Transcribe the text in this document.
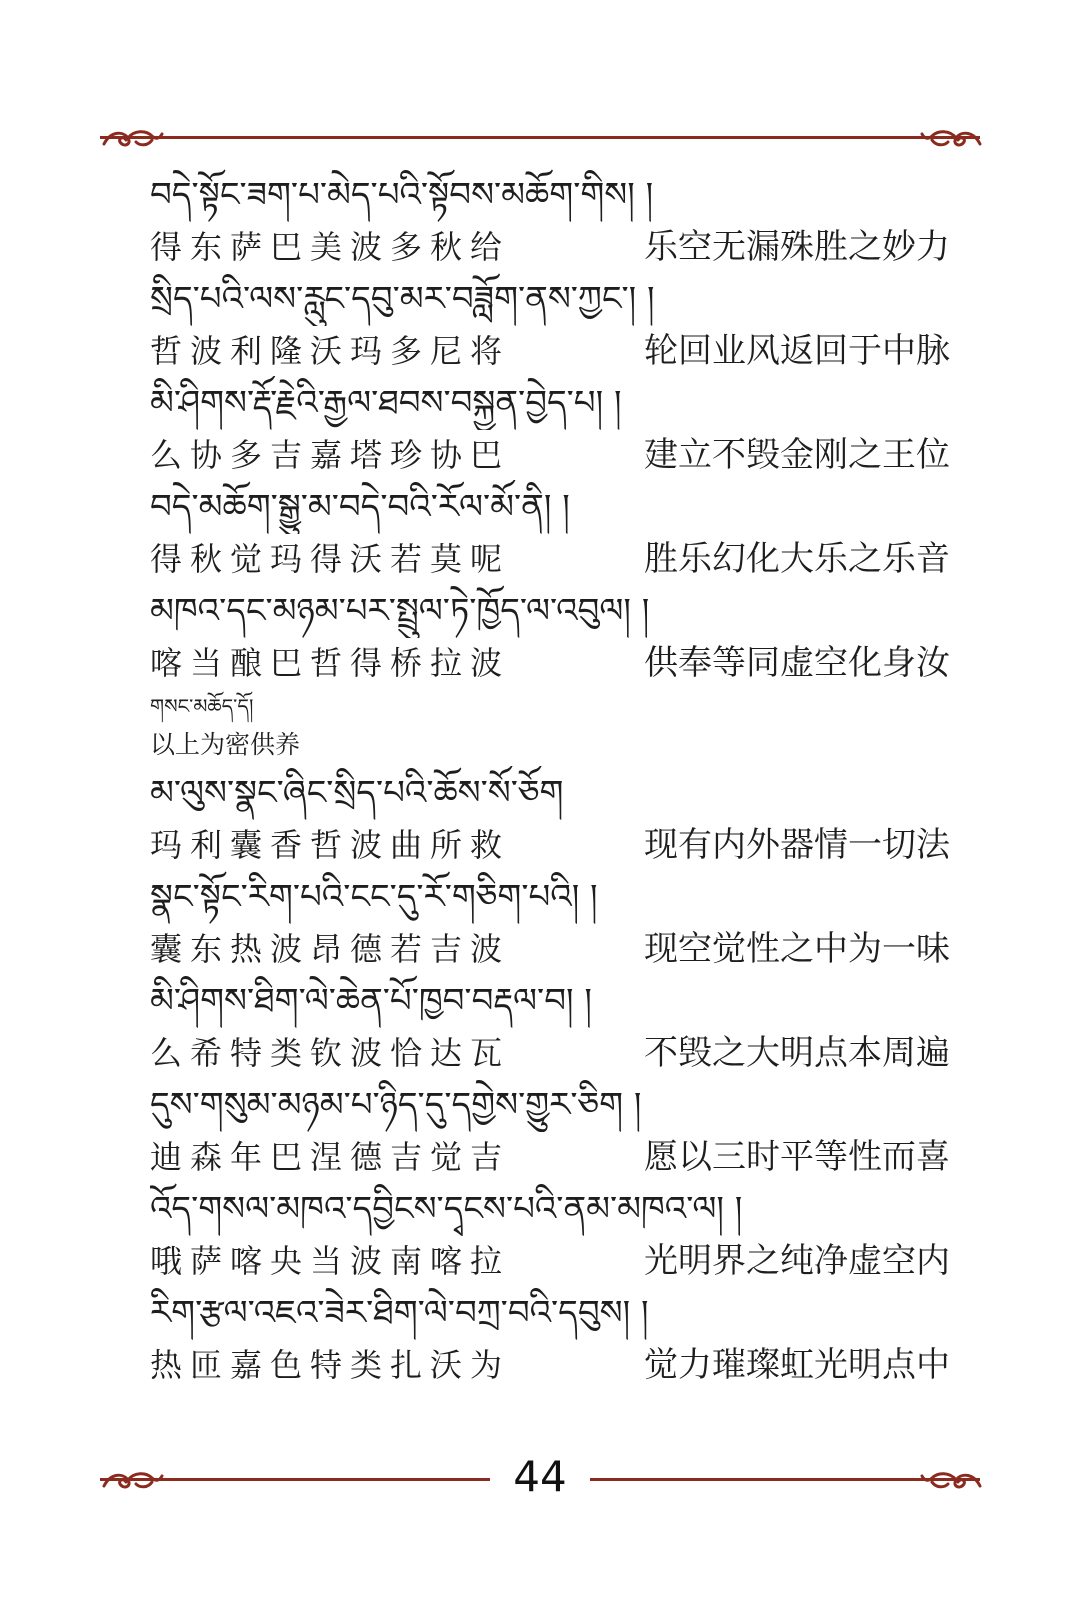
བདེ་སྟོང་ཟག་པ་མེད་པའི་སྟོབས་མཆོག་གིས། །
得东萨巴美波多秋给	乐空无漏殊胜之妙力
སྲིད་པའི་ལས་རླུང་དབུ་མར་བཟློག་ནས་ཀྱང་། །
哲波利隆沃玛多尼将	轮回业风返回于中脉
མི་ཤིགས་རྡོ་རྗེའི་རྒྱལ་ཐབས་བསྐྱན་བྱེད་པ། །
么协多吉嘉塔珍协巴	建立不毁金刚之王位
བདེ་མཆོག་སྒྱུ་མ་བདེ་བའི་རོལ་མོ་ནི། །
得秋觉玛得沃若莫呢	胜乐幻化大乐之乐音
མཁའ་དང་མཉམ་པར་སྤྲུལ་ཏེ་ཁྱོད་ལ་འབུལ། །
喀当酿巴哲得桥拉波	供奉等同虚空化身汝
གསང་མཆོད་དོ།
以上为密供养
མ་ལུས་སྣང་ཞིང་སྲིད་པའི་ཆོས་སོ་ཅོག
玛利囊香哲波曲所救	现有内外器情一切法
སྣང་སྟོང་རིག་པའི་ངང་དུ་རོ་གཅིག་པའི། །
囊东热波昂德若吉波	现空觉性之中为一味
མི་ཤིགས་ཐིག་ལེ་ཆེན་པོ་ཁྱབ་བརྡལ་བ། །
么希特类钦波恰达瓦	不毁之大明点本周遍
དུས་གསུམ་མཉམ་པ་ཉིད་དུ་དགྱེས་གྱུར་ཅིག །
迪森年巴涅德吉觉吉	愿以三时平等性而喜
འོད་གསལ་མཁའ་དབྱིངས་དྭངས་པའི་ནམ་མཁའ་ལ། །
哦萨喀央当波南喀拉	光明界之纯净虚空内
རིག་རྩལ་འཇའ་ཟེར་ཐིག་ལེ་བཀྲ་བའི་དབུས། །
热匝嘉色特类扎沃为	觉力璀璨虹光明点中
44
